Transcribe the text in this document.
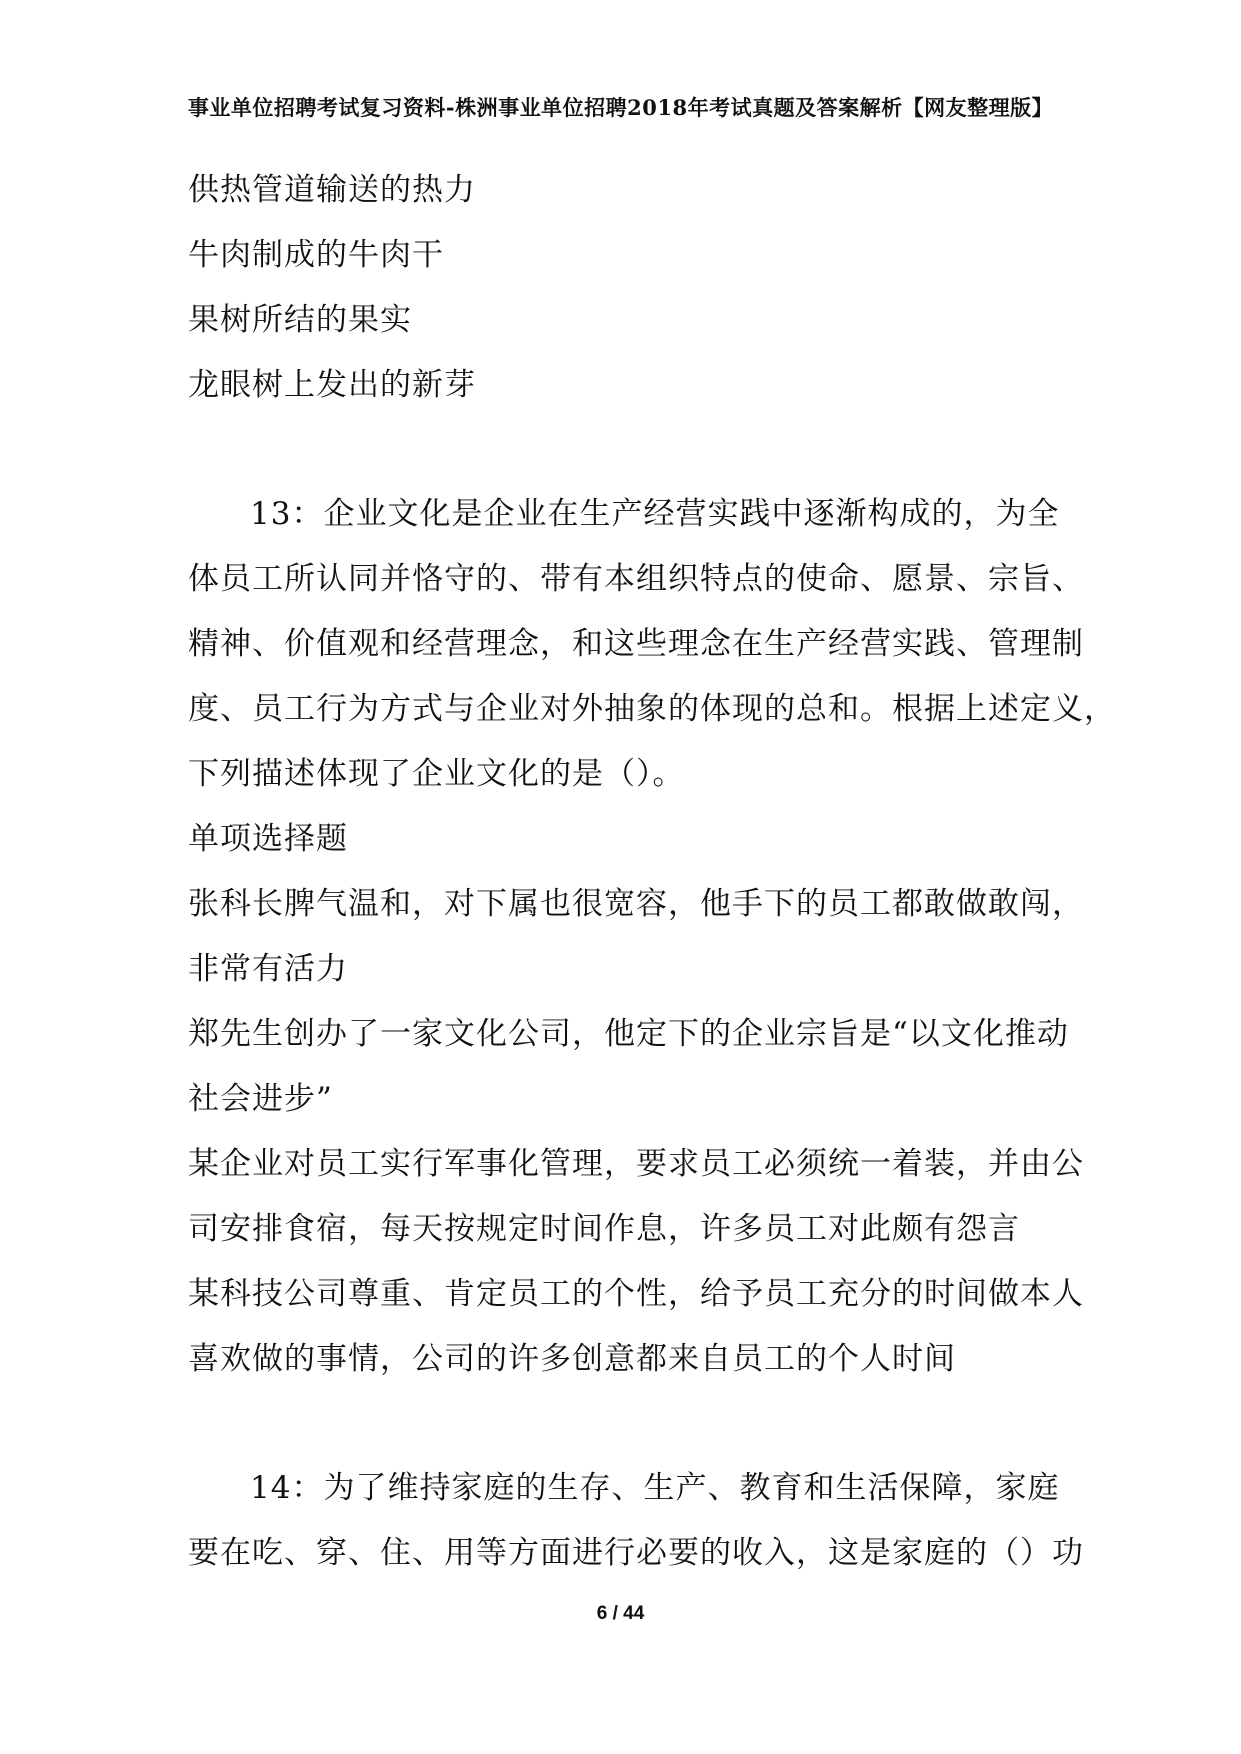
事业单位招聘考试复习资料-株洲事业单位招聘2018年考试真题及答案解析【网友整理版】
供热管道输送的热力
牛肉制成的牛肉干
果树所结的果实
龙眼树上发出的新芽
13：企业文化是企业在生产经营实践中逐渐构成的，为全
体员工所认同并恪守的、带有本组织特点的使命、愿景、宗旨、
精神、价值观和经营理念，和这些理念在生产经营实践、管理制
度、员工行为方式与企业对外抽象的体现的总和。根据上述定义，
下列描述体现了企业文化的是（）。
单项选择题
张科长脾气温和，对下属也很宽容，他手下的员工都敢做敢闯，
非常有活力
郑先生创办了一家文化公司，他定下的企业宗旨是“以文化推动
社会进步”
某企业对员工实行军事化管理，要求员工必须统一着装，并由公
司安排食宿，每天按规定时间作息，许多员工对此颇有怨言
某科技公司尊重、肯定员工的个性，给予员工充分的时间做本人
喜欢做的事情，公司的许多创意都来自员工的个人时间
14：为了维持家庭的生存、生产、教育和生活保障，家庭
要在吃、穿、住、用等方面进行必要的收入，这是家庭的（）功
6 / 44
